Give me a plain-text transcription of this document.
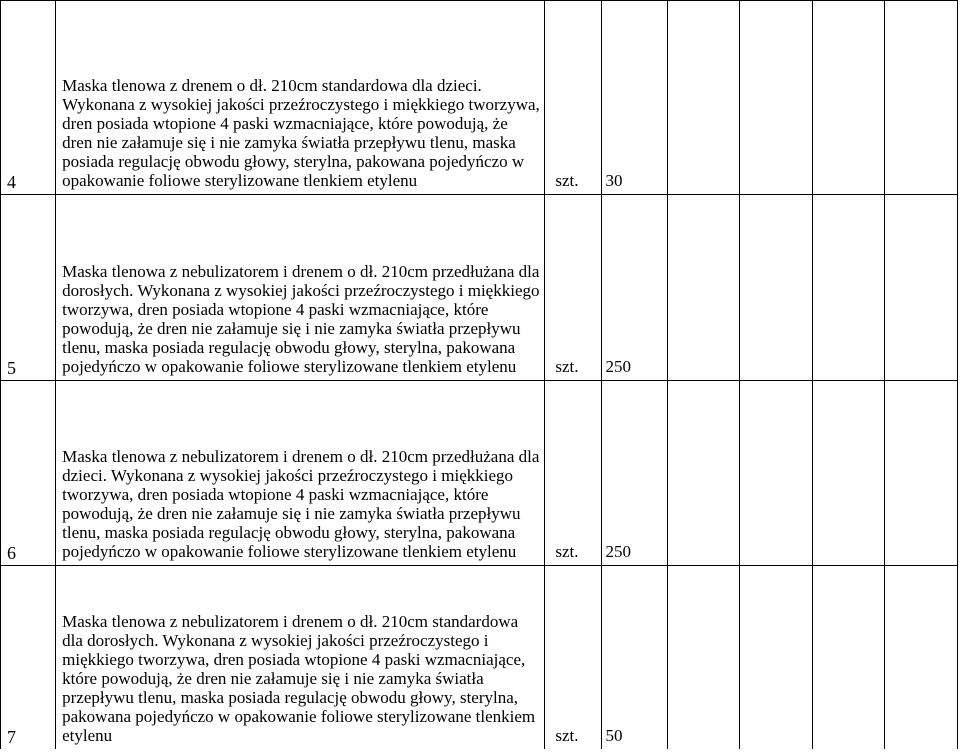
4	Maska tlenowa z drenem o dł. 210cm standardowa dla dzieci. Wykonana z wysokiej jakości przeźroczystego i miękkiego tworzywa, dren posiada wtopione 4 paski wzmacniające, które powodują, że dren nie załamuje się i nie zamyka światła przepływu tlenu, maska posiada regulację obwodu głowy, sterylna, pakowana pojedyńczo w opakowanie foliowe sterylizowane tlenkiem etylenu	szt.	30				
5	Maska tlenowa z nebulizatorem i drenem o dł. 210cm przedłużana dla dorosłych. Wykonana z wysokiej jakości przeźroczystego i miękkiego tworzywa, dren posiada wtopione 4 paski wzmacniające, które powodują, że dren nie załamuje się i nie zamyka światła przepływu tlenu, maska posiada regulację obwodu głowy, sterylna, pakowana pojedyńczo w opakowanie foliowe sterylizowane tlenkiem etylenu	szt.	250				
6	Maska tlenowa z nebulizatorem i drenem o dł. 210cm przedłużana dla dzieci. Wykonana z wysokiej jakości przeźroczystego i miękkiego tworzywa, dren posiada wtopione 4 paski wzmacniające, które powodują, że dren nie załamuje się i nie zamyka światła przepływu tlenu, maska posiada regulację obwodu głowy, sterylna, pakowana pojedyńczo w opakowanie foliowe sterylizowane tlenkiem etylenu	szt.	250				
7	Maska tlenowa z nebulizatorem i drenem o dł. 210cm standardowa dla dorosłych. Wykonana z wysokiej jakości przeźroczystego i miękkiego tworzywa, dren posiada wtopione 4 paski wzmacniające, które powodują, że dren nie załamuje się i nie zamyka światła przepływu tlenu, maska posiada regulację obwodu głowy, sterylna, pakowana pojedyńczo w opakowanie foliowe sterylizowane tlenkiem etylenu	szt.	50				
